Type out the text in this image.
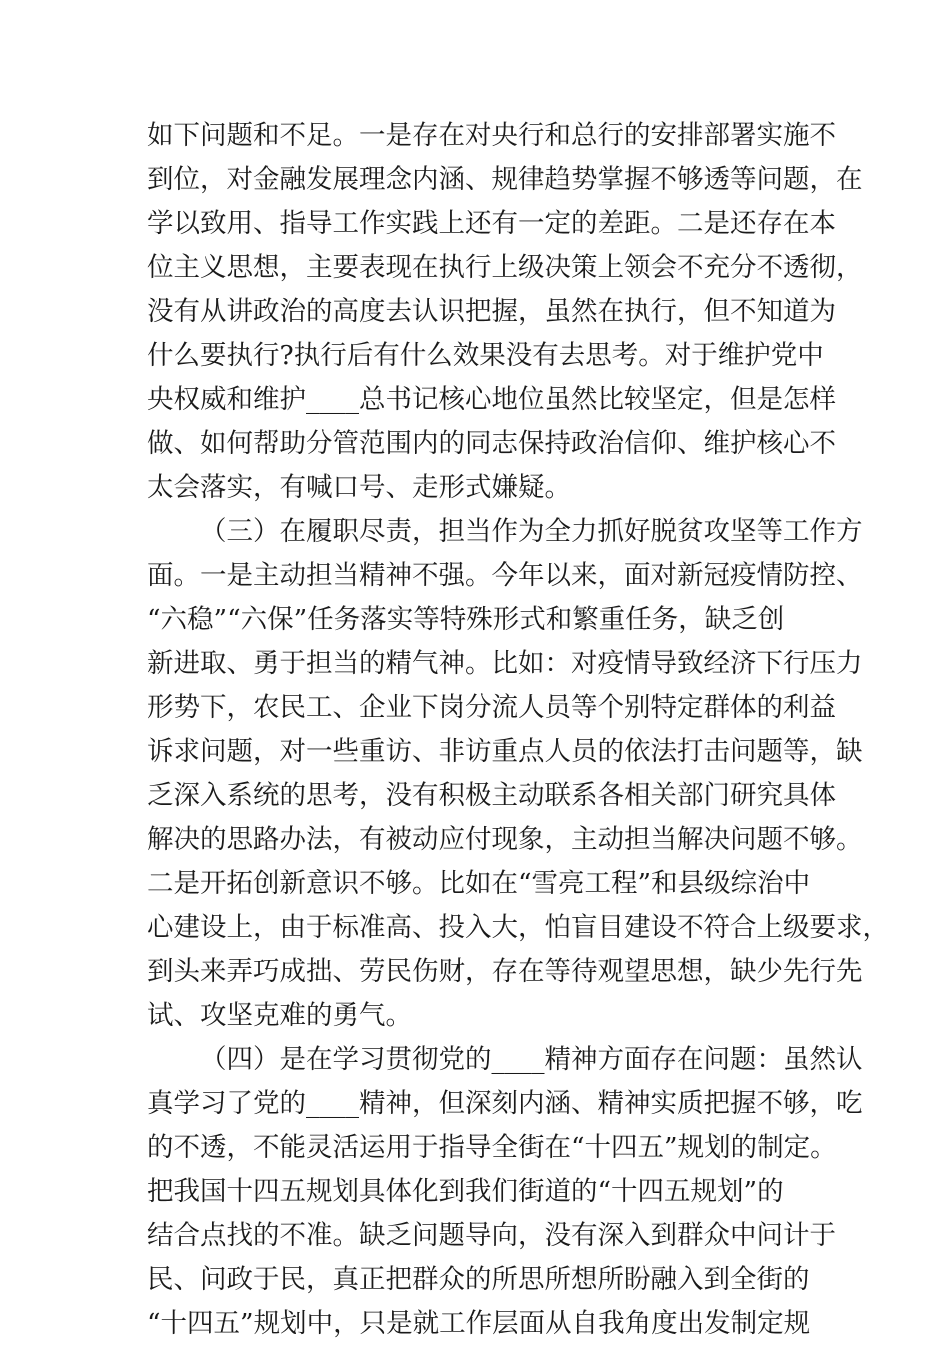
如下问题和不足。一是存在对央行和总行的安排部署实施不
到位，对金融发展理念内涵、规律趋势掌握不够透等问题，在
学以致用、指导工作实践上还有一定的差距。二是还存在本
位主义思想，主要表现在执行上级决策上领会不充分不透彻，
没有从讲政治的高度去认识把握，虽然在执行，但不知道为
什么要执行?执行后有什么效果没有去思考。对于维护党中
央权威和维护____总书记核心地位虽然比较坚定，但是怎样
做、如何帮助分管范围内的同志保持政治信仰、维护核心不
太会落实，有喊口号、走形式嫌疑。
（三）在履职尽责，担当作为全力抓好脱贫攻坚等工作方
面。一是主动担当精神不强。今年以来，面对新冠疫情防控、
“六稳”“六保”任务落实等特殊形式和繁重任务，缺乏创
新进取、勇于担当的精气神。比如：对疫情导致经济下行压力
形势下，农民工、企业下岗分流人员等个别特定群体的利益
诉求问题，对一些重访、非访重点人员的依法打击问题等，缺
乏深入系统的思考，没有积极主动联系各相关部门研究具体
解决的思路办法，有被动应付现象，主动担当解决问题不够。
二是开拓创新意识不够。比如在“雪亮工程”和县级综治中
心建设上，由于标准高、投入大，怕盲目建设不符合上级要求，
到头来弄巧成拙、劳民伤财，存在等待观望思想，缺少先行先
试、攻坚克难的勇气。
（四）是在学习贯彻党的____精神方面存在问题：虽然认
真学习了党的____精神，但深刻内涵、精神实质把握不够，吃
的不透，不能灵活运用于指导全街在“十四五”规划的制定。
把我国十四五规划具体化到我们街道的“十四五规划”的
结合点找的不准。缺乏问题导向，没有深入到群众中问计于
民、问政于民，真正把群众的所思所想所盼融入到全街的
“十四五”规划中，只是就工作层面从自我角度出发制定规
